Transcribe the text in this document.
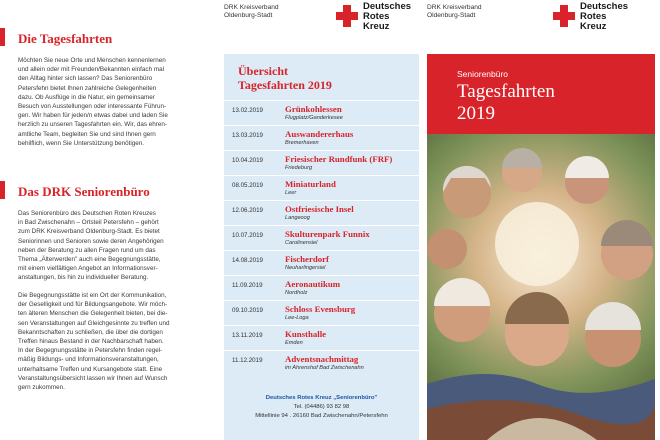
Die Tagesfahrten
Möchten Sie neue Orte und Menschen kennenlernen
und allein oder mit Freunden/Bekannten einfach mal
den Alltag hinter sich lassen? Das Seniorenbüro
Petersfehn bietet Ihnen zahlreiche Gelegenheiten
dazu. Ob Ausflüge in die Natur, ein gemeinsamer
Besuch von Ausstellungen oder interessante Führun-
gen. Wir haben für jeden/n etwas dabei und laden Sie
herzlich zu unseren Tagesfahrten ein. Wir, das ehren-
amtliche Team, begleiten Sie und sind Ihnen gern
behilflich, wenn Sie Unterstützung benötigen.
Das DRK Seniorenbüro
Das Seniorenbüro des Deutschen Roten Kreuzes
in Bad Zwischenahn – Ortsteil Petersfehn – gehört
zum DRK Kreisverband Oldenburg-Stadt. Es bietet
Seniorinnen und Senioren sowie deren Angehörigen
neben der Beratung zu allen Fragen rund um das
Thema „Älterwerden" auch eine Begegnungsstätte,
mit einem vielfältigen Angebot an Informationsver-
anstaltungen, bis hin zu individueller Beratung.
Die Begegnungsstätte ist ein Ort der Kommunikation,
der Geselligkeit und für Bildungsangebote. Wir möch-
ten älteren Menschen die Gelegenheit bieten, bei die-
sen Veranstaltungen auf Gleichgesinnte zu treffen und
Bekanntschaften zu schließen, die über die dortigen
Treffen hinaus Bestand in der Nachbarschaft haben.
In der Begegnungsstätte in Petersfehn finden regel-
mäßig Bildungs- und Informationsveranstaltungen,
unterhaltsame Treffen und Kursangebote statt. Eine
Veranstaltungsübersicht lassen wir Ihnen auf Wunsch
gern zukommen.
DRK Kreisverband
Oldenburg-Stadt
Deutsches
Rotes
Kreuz
Übersicht
Tagesfahrten 2019
13.02.2019	Grünkohlessen
Flugplatz/Ganderkesee
13.03.2019	Auswandererhaus
Bremerhaven
10.04.2019	Friesischer Rundfunk (FRF)
Friedeburg
08.05.2019	Miniaturland
Leer
12.06.2019	Ostfriesische Insel
Langeoog
10.07.2019	Skulturenpark Funnix
Carolinensiel
14.08.2019	Fischerdorf
Neuharlingersiel
11.09.2019	Aeronautikum
Nordholz
09.10.2019	Schloss Evensburg
Lee-Loga
13.11.2019	Kunsthalle
Emden
11.12.2019	Adventsnachmittag
im Ahrenshof Bad Zwischenahn
Deutsches Rotes Kreuz „Seniorenbüro"
Tel. (04486) 93 82 98
Mittellinie 94 . 26160 Bad Zwischenahn/Petersfehn
DRK Kreisverband
Oldenburg-Stadt
Deutsches
Rotes
Kreuz
Seniorenbüro
Tagesfahrten
2019
